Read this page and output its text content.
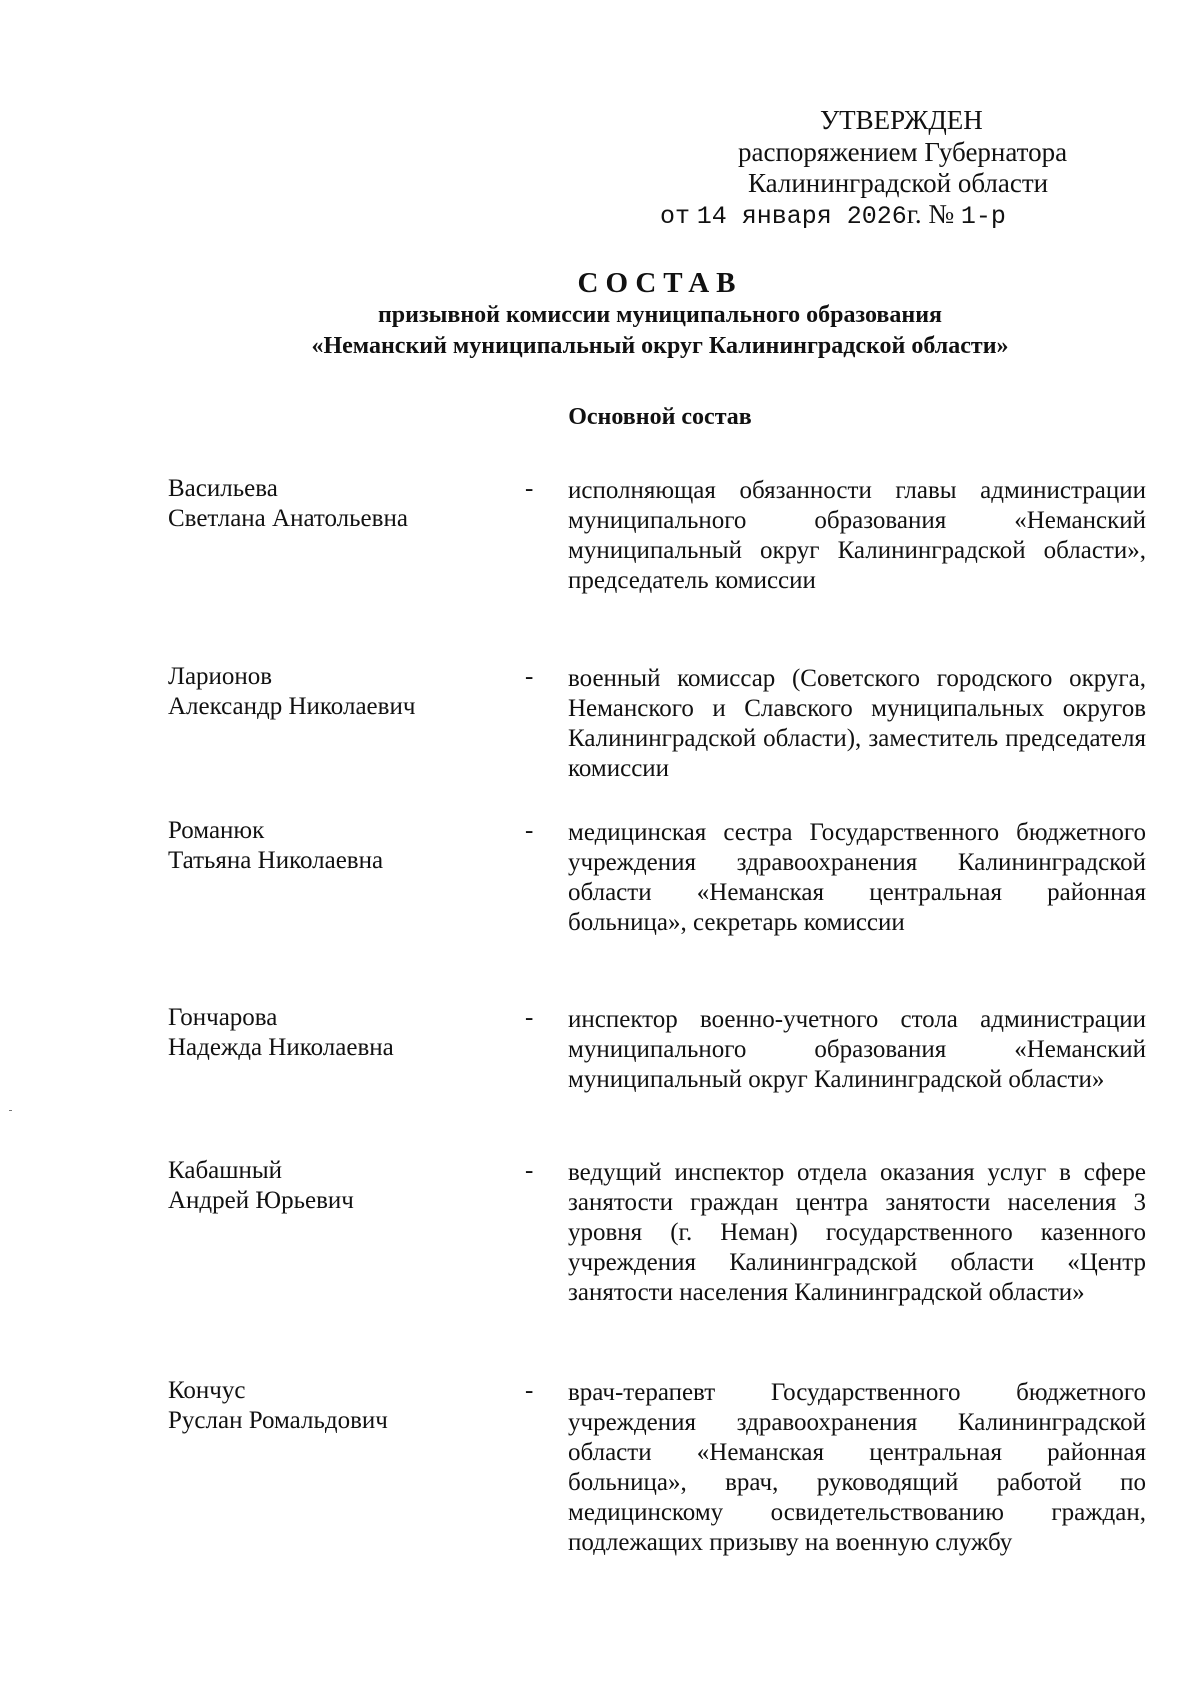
УТВЕРЖДЕН
распоряжением Губернатора
Калининградской области
от 14 января 2026г. № 1-р

СОСТАВ

призывной комиссии муниципального образования

«Неманский муниципальный округ Калининградской области»

Основной состав
Васильева
Светлана Анатольевна
- исполняющая обязанности главы администрации муниципального образования «Неманский муниципальный округ Калининградской области», председатель комиссии
Ларионов
Александр Николаевич
- военный комиссар (Советского городского округа, Неманского и Славского муниципальных округов Калининградской области), заместитель председателя комиссии
Романюк
Татьяна Николаевна
- медицинская сестра Государственного бюджетного учреждения здравоохранения Калининградской области «Неманская центральная районная больница», секретарь комиссии
Гончарова
Надежда Николаевна
- инспектор военно-учетного стола администрации муниципального образования «Неманский муниципальный округ Калининградской области»
Кабашный
Андрей Юрьевич
- ведущий инспектор отдела оказания услуг в сфере занятости граждан центра занятости населения 3 уровня (г. Неман) государственного казенного учреждения Калининградской области «Центр занятости населения Калининградской области»
Кончус
Руслан Ромальдович
- врач-терапевт Государственного бюджетного учреждения здравоохранения Калининградской области «Неманская центральная районная больница», врач, руководящий работой по медицинскому освидетельствованию граждан, подлежащих призыву на военную службу
